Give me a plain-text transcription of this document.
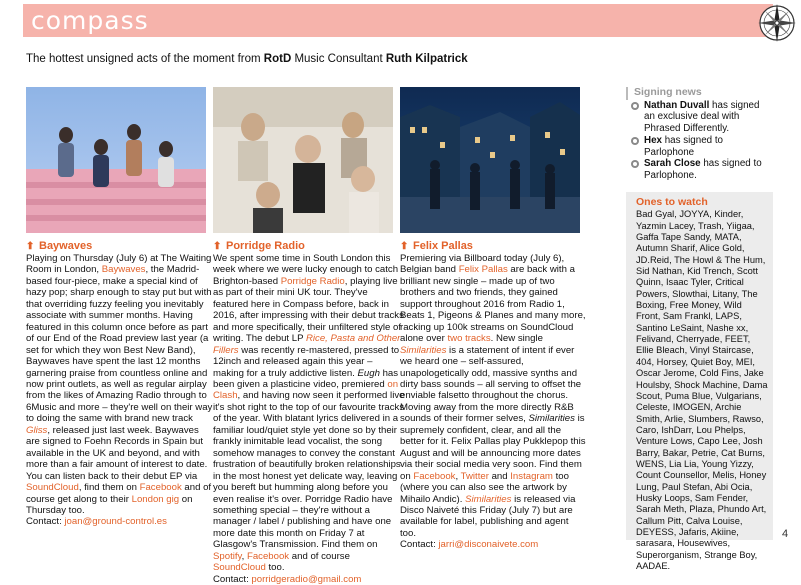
compass
The hottest unsigned acts of the moment from RotD Music Consultant Ruth Kilpatrick
⬆ Baywaves
Playing on Thursday (July 6) at The Waiting Room in London, Baywaves, the Madrid-based four-piece, make a special kind of hazy pop; sharp enough to stay put but with that overriding fuzzy feeling you inevitably associate with summer months. Having featured in this column once before as part of our End of the Road preview last year (a set for which they won Best New Band), Baywaves have spent the last 12 months garnering praise from countless online and now print outlets, as well as regular airplay from the likes of Amazing Radio through to 6Music and more – they're well on their way to doing the same with brand new track Gliss, released just last week. Baywaves are signed to Foehn Records in Spain but available in the UK and beyond, and with more than a fair amount of interest to date. You can listen back to their debut EP via SoundCloud, find them on Facebook and of course get along to their London gig on Thursday too.
Contact: joan@ground-control.es
⬆ Porridge Radio
We spent some time in South London this week where we were lucky enough to catch Brighton-based Porridge Radio, playing live as part of their mini UK tour. They've featured here in Compass before, back in 2016, after impressing with their debut tracks and more specifically, their unfiltered style of writing. The debut LP Rice, Pasta and Other Fillers was recently re-mastered, pressed to 12inch and released again this year – making for a truly addictive listen. Eugh has been given a plasticine video, premiered on Clash, and having now seen it performed live it's shot right to the top of our favourite tracks of the year. With blatant lyrics delivered in a familiar loud/quiet style yet done so by their frankly inimitable lead vocalist, the song somehow manages to convey the constant frustration of beautifully broken relationships in the most honest yet delicate way, leaving you bereft but humming along before you even realise it's over. Porridge Radio have something special – they're without a manager / label / publishing and have one more date this month on Friday 7 at Glasgow's Transmission. Find them on Spotify, Facebook and of course SoundCloud too.
Contact: porridgeradio@gmail.com
⬆ Felix Pallas
Premiering via Billboard today (July 6), Belgian band Felix Pallas are back with a brilliant new single – made up of two brothers and two friends, they gained support throughout 2016 from Radio 1, Beats 1, Pigeons & Planes and many more, racking up 100k streams on SoundCloud alone over two tracks. New single Similarities is a statement of intent if ever we heard one – self-assured, unapologetically odd, massive synths and dirty bass sounds – all serving to offset the enviable falsetto throughout the chorus. Moving away from the more directly R&B sounds of their former selves, Similarities is supremely confident, clear, and all the better for it. Felix Pallas play Pukklepop this August and will be announcing more dates via their social media very soon. Find them on Facebook, Twitter and Instagram too (where you can also see the artwork by Mihailo Andic). Similarities is released via Disco Naiveté this Friday (July 7) but are available for label, publishing and agent too.
Contact: jarri@disconaivete.com
Signing news
Nathan Duvall has signed an exclusive deal with Phrased Differently.
Hex has signed to Parlophone
Sarah Close has signed to Parlophone.
Ones to watch
Bad Gyal, JOYYA, Kinder, Yazmin Lacey, Trash, Yiigaa, Gaffa Tape Sandy, MATA, Autumn Sharif, Alice Gold, JD.Reid, The Howl & The Hum, Sid Nathan, Kid Trench, Scott Quinn, Isaac Tyler, Critical Powers, Slowthai, Litany, The Boxing, Free Money, Wild Front, Sam Frankl, LAPS, Santino LeSaint, Nashe xx, Felivand, Cherryade, FEET, Ellie Bleach, Vinyl Staircase, 404, Horsey, Quiet Boy, MEI, Oscar Jerome, Cold Fins, Jake Houlsby, Shock Machine, Dama Scout, Puma Blue, Vulgarians, Celeste, IMOGEN, Archie Smith, Arlie, Slumbers, Rawso, Caro, IshDarr, Lou Phelps, Venture Lows, Capo Lee, Josh Barry, Bakar, Petrie, Cat Burns, WENS, Lia Lia, Young Yizzy, Count Counsellor, Melis, Honey Lung, Paul Stefan, Abi Ocia, Husky Loops, Sam Fender, Sarah Meth, Plaza, Phundo Art, Callum Pitt, Calva Louise, DEYESS, Jafaris, Akiine, sarasara, Housewives, Superorganism, Strange Boy, AADAE.
4
